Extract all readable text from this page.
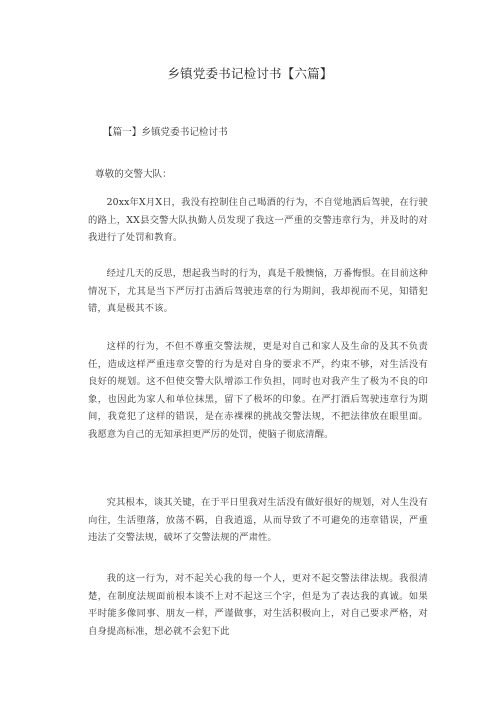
乡镇党委书记检讨书【六篇】
【篇一】乡镇党委书记检讨书
尊敬的交警大队：

20xx年X月X日，我没有控制住自己喝酒的行为，不自觉地酒后驾驶，在行驶的路上，XX县交警大队执勤人员发现了我这一严重的交警违章行为，并及时的对我进行了处罚和教育。

经过几天的反思，想起我当时的行为，真是千般懊恼，万番悔恨。在目前这种情况下，尤其是当下严厉打击酒后驾驶违章的行为期间，我却视而不见，知错犯错，真是极其不该。

这样的行为，不但不尊重交警法规，更是对自己和家人及生命的及其不负责任，造成这样严重违章交警的行为是对自身的要求不严，约束不够，对生活没有良好的规划。这不但使交警大队增添工作负担，同时也对我产生了极为不良的印象，也因此为家人和单位抹黑，留下了极坏的印象。在严打酒后驾驶违章行为期间，我竟犯了这样的错误，是在赤裸裸的挑战交警法规，不把法律放在眼里面。我愿意为自己的无知承担更严厉的处罚，使脑子彻底清醒。

究其根本，谈其关键，在于平日里我对生活没有做好很好的规划，对人生没有向往，生活堕落，放荡不羁，自我逍遥，从而导致了不可避免的违章错误，严重违法了交警法规，破坏了交警法规的严肃性。

我的这一行为，对不起关心我的每一个人，更对不起交警法律法规。我很清楚，在制度法规面前根本谈不上对不起这三个字，但是为了表达我的真诚。如果平时能多像同事、朋友一样，严谨做事，对生活积极向上，对自己要求严格，对自身提高标准，想必就不会犯下此
